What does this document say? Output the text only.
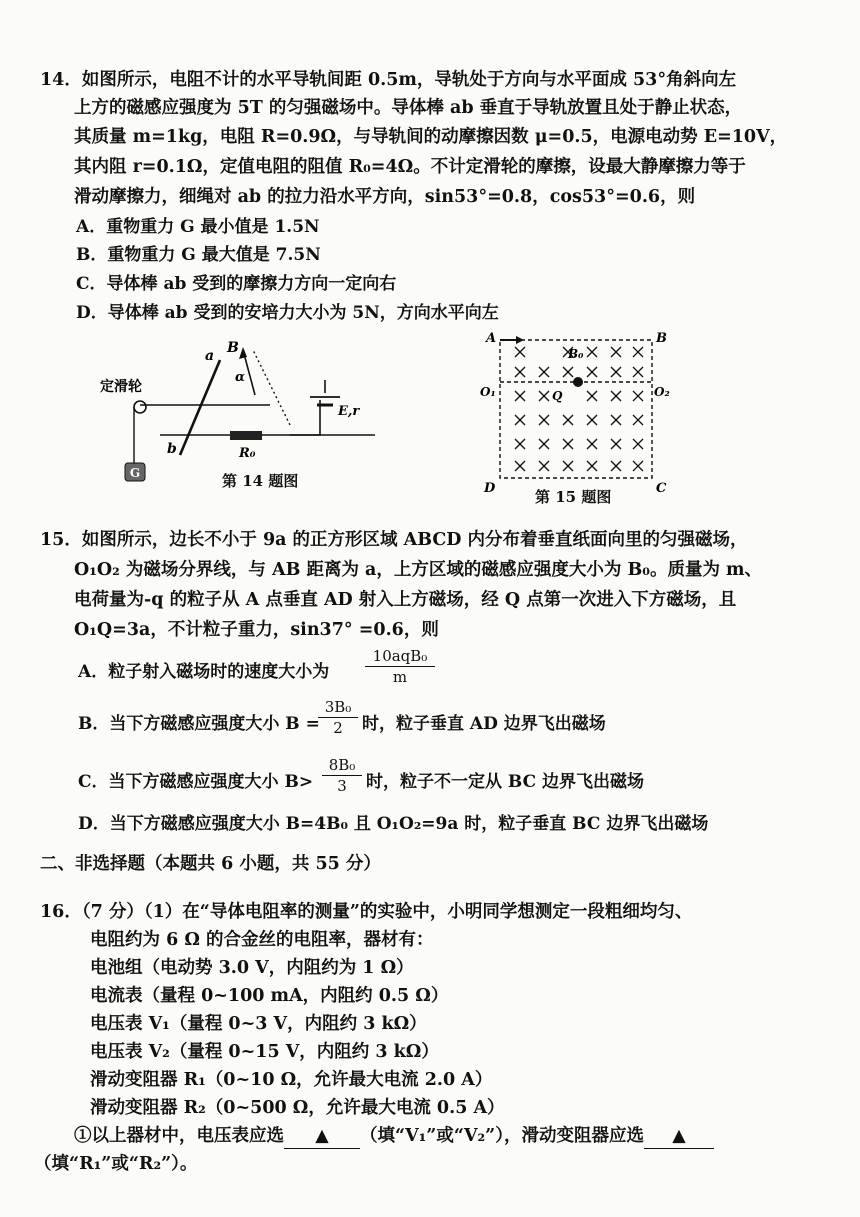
14．如图所示，电阻不计的水平导轨间距 0.5m，导轨处于方向与水平面成 53°角斜向左
上方的磁感应强度为 5T 的匀强磁场中。导体棒 ab 垂直于导轨放置且处于静止状态，
其质量 m=1kg，电阻 R=0.9Ω，与导轨间的动摩擦因数 μ=0.5，电源电动势 E=10V，
其内阻 r=0.1Ω，定值电阻的阻值 R₀=4Ω。不计定滑轮的摩擦，设最大静摩擦力等于
滑动摩擦力，细绳对 ab 的拉力沿水平方向，sin53°=0.8，cos53°=0.6，则
A．重物重力 G 最小值是 1.5N
B．重物重力 G 最大值是 7.5N
C．导体棒 ab 受到的摩擦力方向一定向右
D．导体棒 ab 受到的安培力大小为 5N，方向水平向左
G
定滑轮
a
b
B
α
R₀
E,r
第 14 题图
A	B
C
D
O₁	O₂
Q
B₀
第 15 题图
15．如图所示，边长不小于 9a 的正方形区域 ABCD 内分布着垂直纸面向里的匀强磁场，
O₁O₂ 为磁场分界线，与 AB 距离为 a，上方区域的磁感应强度大小为 B₀。质量为 m、
电荷量为-q 的粒子从 A 点垂直 AD 射入上方磁场，经 Q 点第一次进入下方磁场，且
O₁Q=3a，不计粒子重力，sin37° =0.6，则
A．粒子射入磁场时的速度大小为
10aqB₀
m
B．当下方磁感应强度大小 B =
3B₀
2	时，粒子垂直 AD 边界飞出磁场
C．当下方磁感应强度大小 B>
8B₀
3	时，粒子不一定从 BC 边界飞出磁场
D．当下方磁感应强度大小 B=4B₀ 且 O₁O₂=9a 时，粒子垂直 BC 边界飞出磁场
二、非选择题（本题共 6 小题，共 55 分）
16．（7 分）（1）在“导体电阻率的测量”的实验中，小明同学想测定一段粗细均匀、
电阻约为 6 Ω 的合金丝的电阻率，器材有：
电池组（电动势 3.0 V，内阻约为 1 Ω）
电流表（量程 0~100 mA，内阻约 0.5 Ω）
电压表 V₁（量程 0~3 V，内阻约 3 kΩ）
电压表 V₂（量程 0~15 V，内阻约 3 kΩ）
滑动变阻器 R₁（0~10 Ω，允许最大电流 2.0 A）
滑动变阻器 R₂（0~500 Ω，允许最大电流 0.5 A）
①以上器材中，电压表应选 ▲ （填“V₁”或“V₂”），滑动变阻器应选 ▲
（填“R₁”或“R₂”）。
